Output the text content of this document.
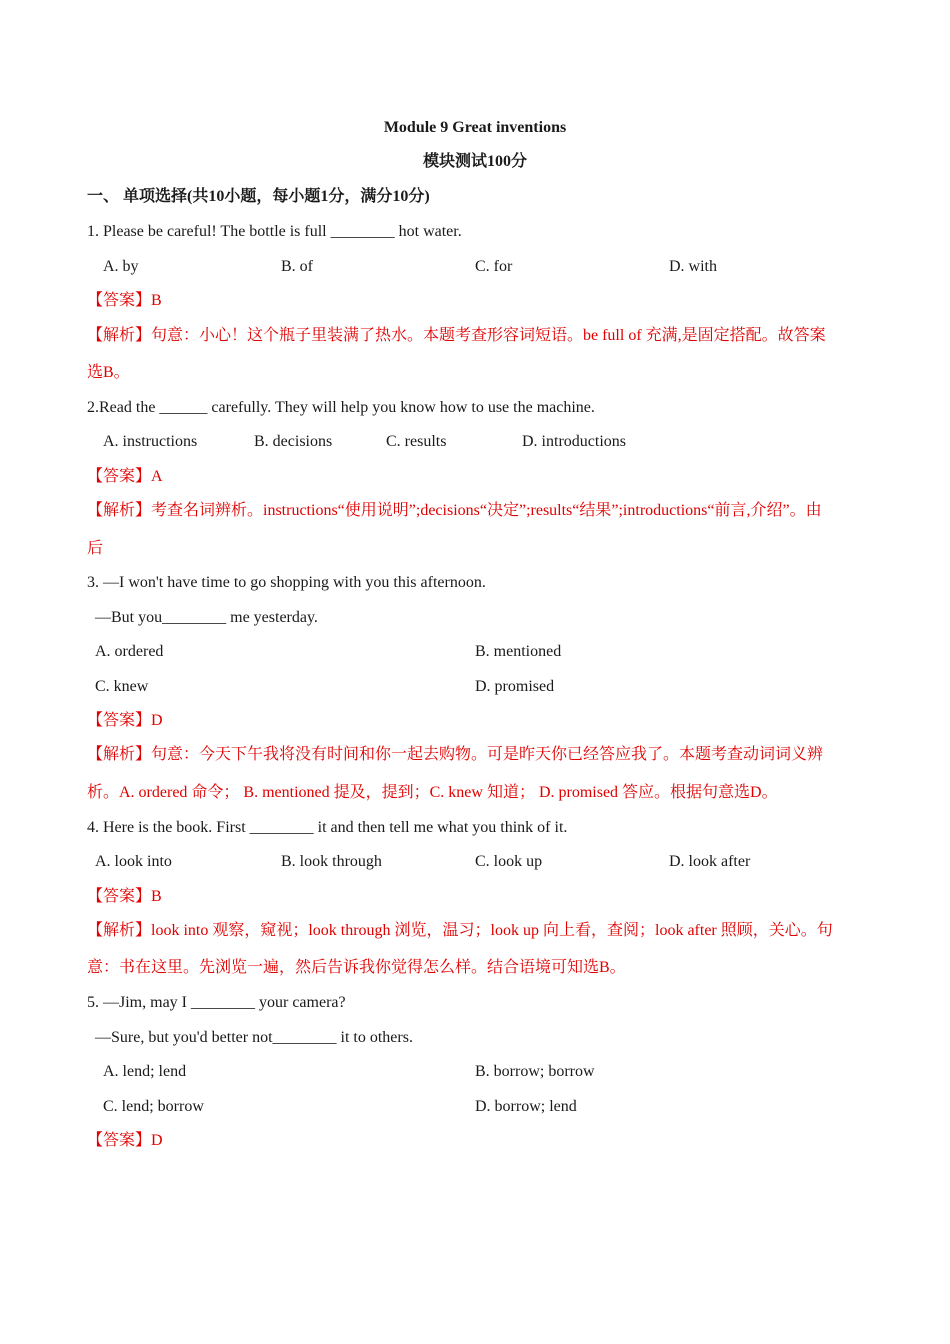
Module 9 Great inventions
模块测试100分
一、 单项选择(共10小题，每小题1分，满分10分)
1. Please be careful! The bottle is full ________ hot water.
A. by	B. of	C. for	D. with
【答案】B
【解析】句意：小心！这个瓶子里装满了热水。本题考查形容词短语。be full of 充满,是固定搭配。故答案
选B。
2.Read the ______ carefully. They will help you know how to use the machine.
A. instructions	B. decisions	C. results	D. introductions
【答案】A
【解析】考查名词辨析。instructions“使用说明”;decisions“决定”;results“结果”;introductions“前言,介绍”。由
后
3. —I won't have time to go shopping with you this afternoon.
—But you________ me yesterday.
A. ordered	B. mentioned
C. knew	D. promised
【答案】D
【解析】句意：今天下午我将没有时间和你一起去购物。可是昨天你已经答应我了。本题考查动词词义辨
析。A. ordered 命令； B. mentioned 提及，提到；C. knew 知道； D. promised 答应。根据句意选D。
4. Here is the book. First ________ it and then tell me what you think of it.
A. look into	B. look through	C. look up	D. look after
【答案】B
【解析】look into 观察，窥视；look through 浏览，温习；look up 向上看，查阅；look after 照顾，关心。句
意：书在这里。先浏览一遍，然后告诉我你觉得怎么样。结合语境可知选B。
5. —Jim, may I ________ your camera?
—Sure, but you'd better not________ it to others.
A. lend; lend	B. borrow; borrow
C. lend; borrow	D. borrow; lend
【答案】D
